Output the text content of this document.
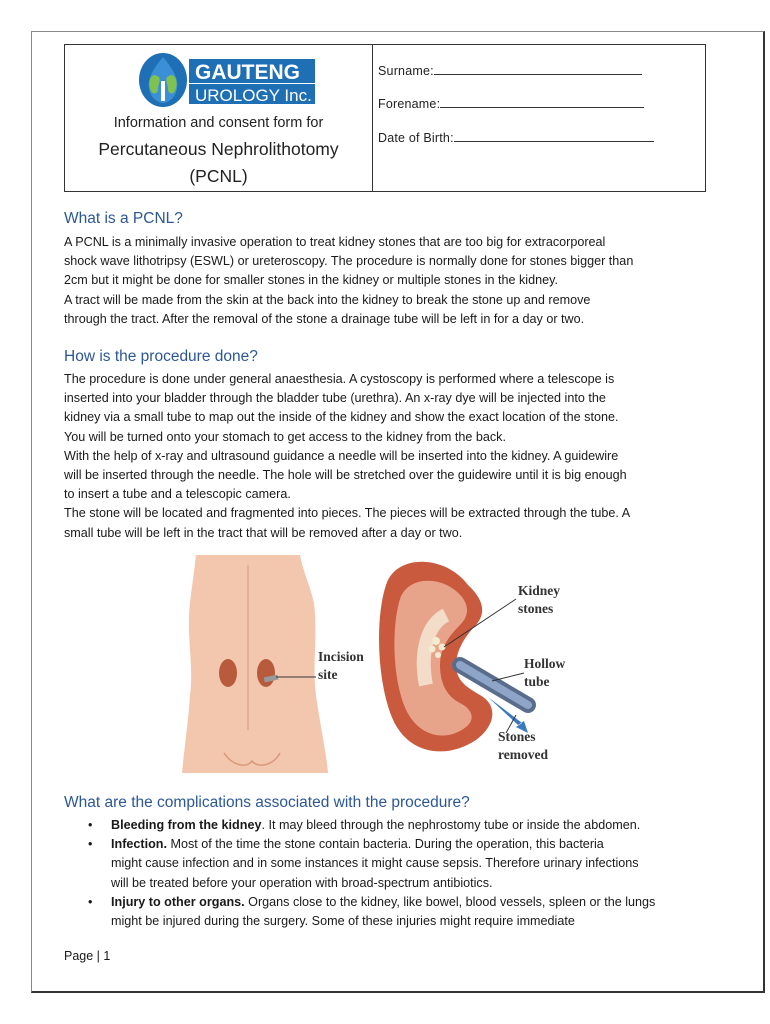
GAUTENG
UROLOGY Inc.
Information and consent form for
Percutaneous Nephrolithotomy
(PCNL)
Surname:
Forename:
Date of Birth:
What is a PCNL?

A PCNL is a minimally invasive operation to treat kidney stones that are too big for extracorporeal

shock wave lithotripsy (ESWL) or ureteroscopy. The procedure is normally done for stones bigger than

2cm but it might be done for smaller stones in the kidney or multiple stones in the kidney.

A tract will be made from the skin at the back into the kidney to break the stone up and remove

through the tract. After the removal of the stone a drainage tube will be left in for a day or two.

How is the procedure done?

The procedure is done under general anaesthesia. A cystoscopy is performed where a telescope is

inserted into your bladder through the bladder tube (urethra). An x-ray dye will be injected into the

kidney via a small tube to map out the inside of the kidney and show the exact location of the stone.

You will be turned onto your stomach to get access to the kidney from the back.

With the help of x-ray and ultrasound guidance a needle will be inserted into the kidney. A guidewire

will be inserted through the needle. The hole will be stretched over the guidewire until it is big enough

to insert a tube and a telescopic camera.

The stone will be located and fragmented into pieces. The pieces will be extracted through the tube. A

small tube will be left in the tract that will be removed after a day or two.

Incision
site
Kidney
stones
Hollow
tube
Stones
removed
What are the complications associated with the procedure?
• Bleeding from the kidney. It may bleed through the nephrostomy tube or inside the abdomen.
• Infection. Most of the time the stone contain bacteria. During the operation, this bacteria
might cause infection and in some instances it might cause sepsis. Therefore urinary infections
will be treated before your operation with broad-spectrum antibiotics.
• Injury to other organs. Organs close to the kidney, like bowel, blood vessels, spleen or the lungs
might be injured during the surgery. Some of these injuries might require immediate
Page | 1
